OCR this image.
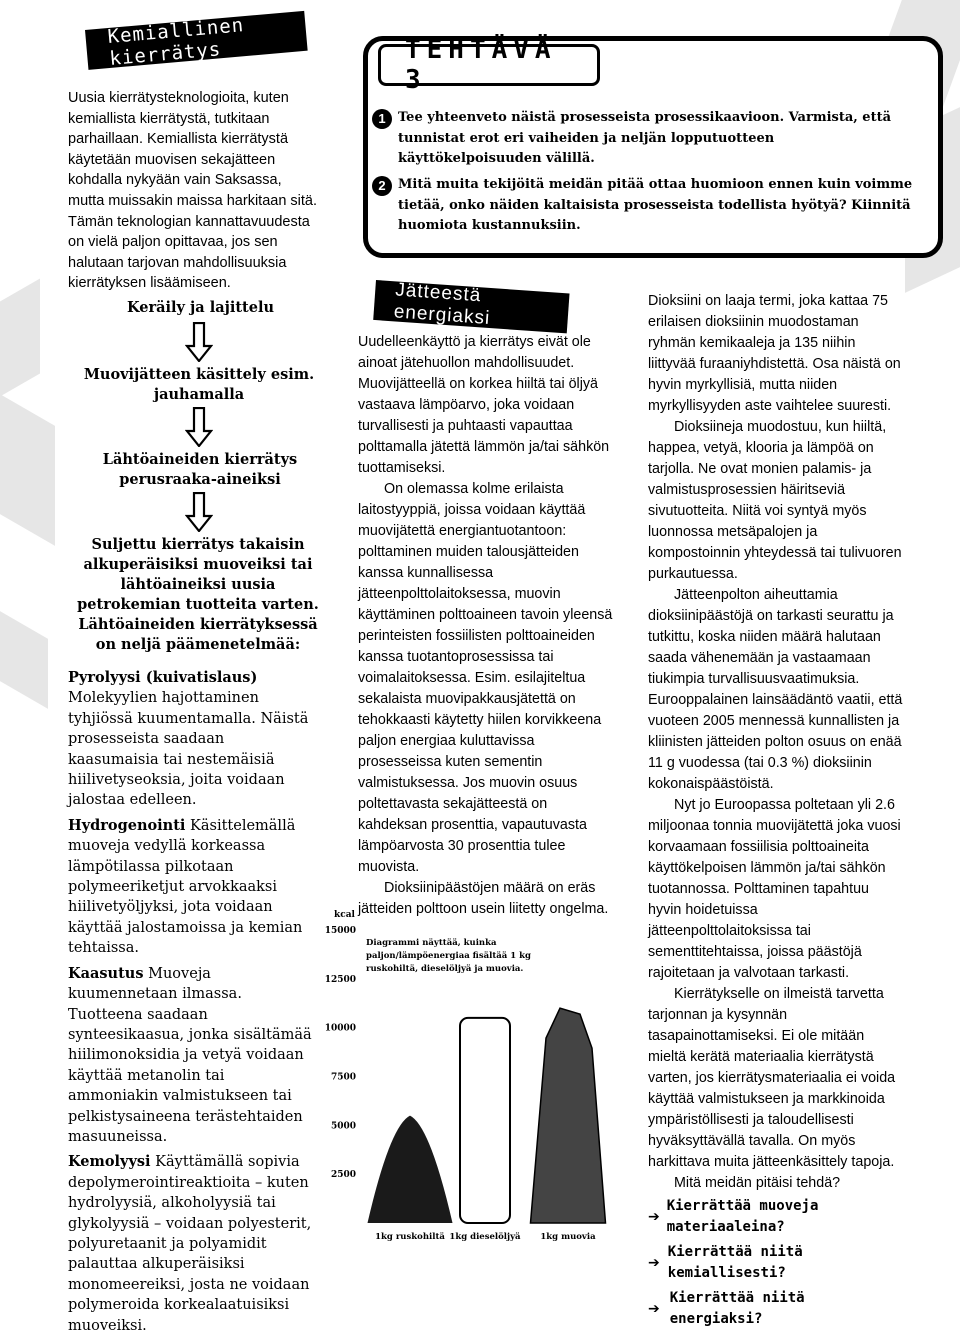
Kemiallinen kierrätys
Uusia kierrätysteknologioita, kuten kemiallista kierrätystä, tutkitaan parhaillaan. Kemiallista kierrätystä käytetään muovisen sekajätteen kohdalla nykyään vain Saksassa, mutta muissakin maissa harkitaan sitä. Tämän teknologian kannattavuudesta on vielä paljon opittavaa, jos sen halutaan tarjovan mahdollisuuksia kierrätyksen lisäämiseen.
Keräily ja lajittelu
Muovijätteen käsittely esim. jauhamalla
Lähtöaineiden kierrätys perusraaka-aineiksi
Suljettu kierrätys takaisin alkuperäisiksi muoveiksi tai lähtöaineiksi uusia petrokemian tuotteita varten. Lähtöaineiden kierrätyksessä on neljä päämenetelmää:

Pyrolyysi (kuivatislaus) Molekyylien hajottaminen tyhjiössä kuumentamalla. Näistä prosesseista saadaan kaasumaisia tai nestemäisiä hiilivetyseoksia, joita voidaan jalostaa edelleen.

Hydrogenointi Käsittelemällä muoveja vedyllä korkeassa lämpötilassa pilkotaan polymeeriketjut arvokkaaksi hiilivetyöljyksi, jota voidaan käyttää jalostamoissa ja kemian tehtaissa.

Kaasutus Muoveja kuumennetaan ilmassa. Tuotteena saadaan synteesikaasua, jonka sisältämää hiilimonoksidia ja vetyä voidaan käyttää metanolin tai ammoniakin valmistukseen tai pelkistysaineena terästehtaiden masuuneissa.

Kemolyysi Käyttämällä sopivia depolymerointireaktioita – kuten hydrolyysiä, alkoholyysiä tai glykolyysiä – voidaan polyesterit, polyuretaanit ja polyamidit palauttaa alkuperäisiksi monomeereiksi, josta ne voidaan polymeroida korkealaatuisiksi muoveiksi.

TEHTÄVÄ 3
1 Tee yhteenveto näistä prosesseista prosessikaavioon. Varmista, että tunnistat erot eri vaiheiden ja neljän lopputuotteen käyttökelpoisuuden välillä.
2 Mitä muita tekijöitä meidän pitää ottaa huomioon ennen kuin voimme tietää, onko näiden kaltaisista prosesseista todellista hyötyä? Kiinnitä huomiota kustannuksiin.
Jätteestä energiaksi

Uudelleenkäyttö ja kierrätys eivät ole ainoat jätehuollon mahdollisuudet. Muovijätteellä on korkea hiiltä tai öljyä vastaava lämpöarvo, joka voidaan turvallisesti ja puhtaasti vapauttaa polttamalla jätettä lämmön ja/tai sähkön tuottamiseksi.

On olemassa kolme erilaista laitostyyppiä, joissa voidaan käyttää muovijätettä energiantuotantoon: polttaminen muiden talousjätteiden kanssa kunnallisessa jätteenpolttolaitoksessa, muovin käyttäminen polttoaineen tavoin yleensä perinteisten fossiilisten polttoaineiden kanssa tuotantoprosessissa tai voimalaitoksessa. Esim. esilajiteltua sekalaista muovipakkausjätettä on tehokkaasti käytetty hiilen korvikkeena paljon energiaa kuluttavissa prosesseissa kuten sementin valmistuksessa. Jos muovin osuus poltettavasta sekajätteestä on kahdeksan prosenttia, vapautuvasta lämpöarvosta 30 prosenttia tulee muovista.

Dioksiinipäästöjen määrä on eräs jätteiden polttoon usein liitetty ongelma.

Dioksiini on laaja termi, joka kattaa 75 erilaisen dioksiinin muodostaman ryhmän kemikaaleja ja 135 niihin liittyvää furaaniyhdistettä. Osa näistä on hyvin myrkyllisiä, mutta niiden myrkyllisyyden aste vaihtelee suuresti.

Dioksiineja muodostuu, kun hiiltä, happea, vetyä, klooria ja lämpöä on tarjolla. Ne ovat monien palamis- ja valmistusprosessien häiritseviä sivutuotteita. Niitä voi syntyä myös luonnossa metsäpalojen ja kompostoinnin yhteydessä tai tulivuoren purkautuessa.

Jätteenpolton aiheuttamia dioksiinipäästöjä on tarkasti seurattu ja tutkittu, koska niiden määrä halutaan saada vähenemään ja vastaamaan tiukimpia turvallisuusvaatimuksia. Eurooppalainen lainsäädäntö vaatii, että vuoteen 2005 mennessä kunnallisten ja kliinisten jätteiden polton osuus on enää 11 g vuodessa (tai 0.3 %) dioksiinin kokonaispäästöistä.

Nyt jo Euroopassa poltetaan yli 2.6 miljoonaa tonnia muovijätettä joka vuosi korvaamaan fossiilisia polttoaineita käyttökelpoisen lämmön ja/tai sähkön tuotannossa. Polttaminen tapahtuu hyvin hoidetuissa jätteenpolttolaitoksissa tai sementtitehtaissa, joissa päästöjä rajoitetaan ja valvotaan tarkasti.

Kierrätykselle on ilmeistä tarvetta tarjonnan ja kysynnän tasapainottamiseksi. Ei ole mitään mieltä kerätä materiaalia kierrätystä varten, jos kierrätysmateriaalia ei voida käyttää valmistukseen ja markkinoida ympäristöllisesti ja taloudellisesti hyväksyttävällä tavalla. On myös harkittava muita jätteenkäsittely tapoja.

Mitä meidän pitäisi tehdä?

➔
Kierrättää muoveja materiaaleina?

➔
Kierrättää niitä kemiallisesti?

➔
Kierrättää niitä energiaksi?

kcal
2500
5000
7500
10000
12500
15000
1kg ruskohiltä 1kg dieselöljyä 1kg muovia
Diagrammi näyttää, kuinka paljon/lämpöenergiaa fisältää 1 kg ruskohiltä, dieselöljyä ja muovia.
